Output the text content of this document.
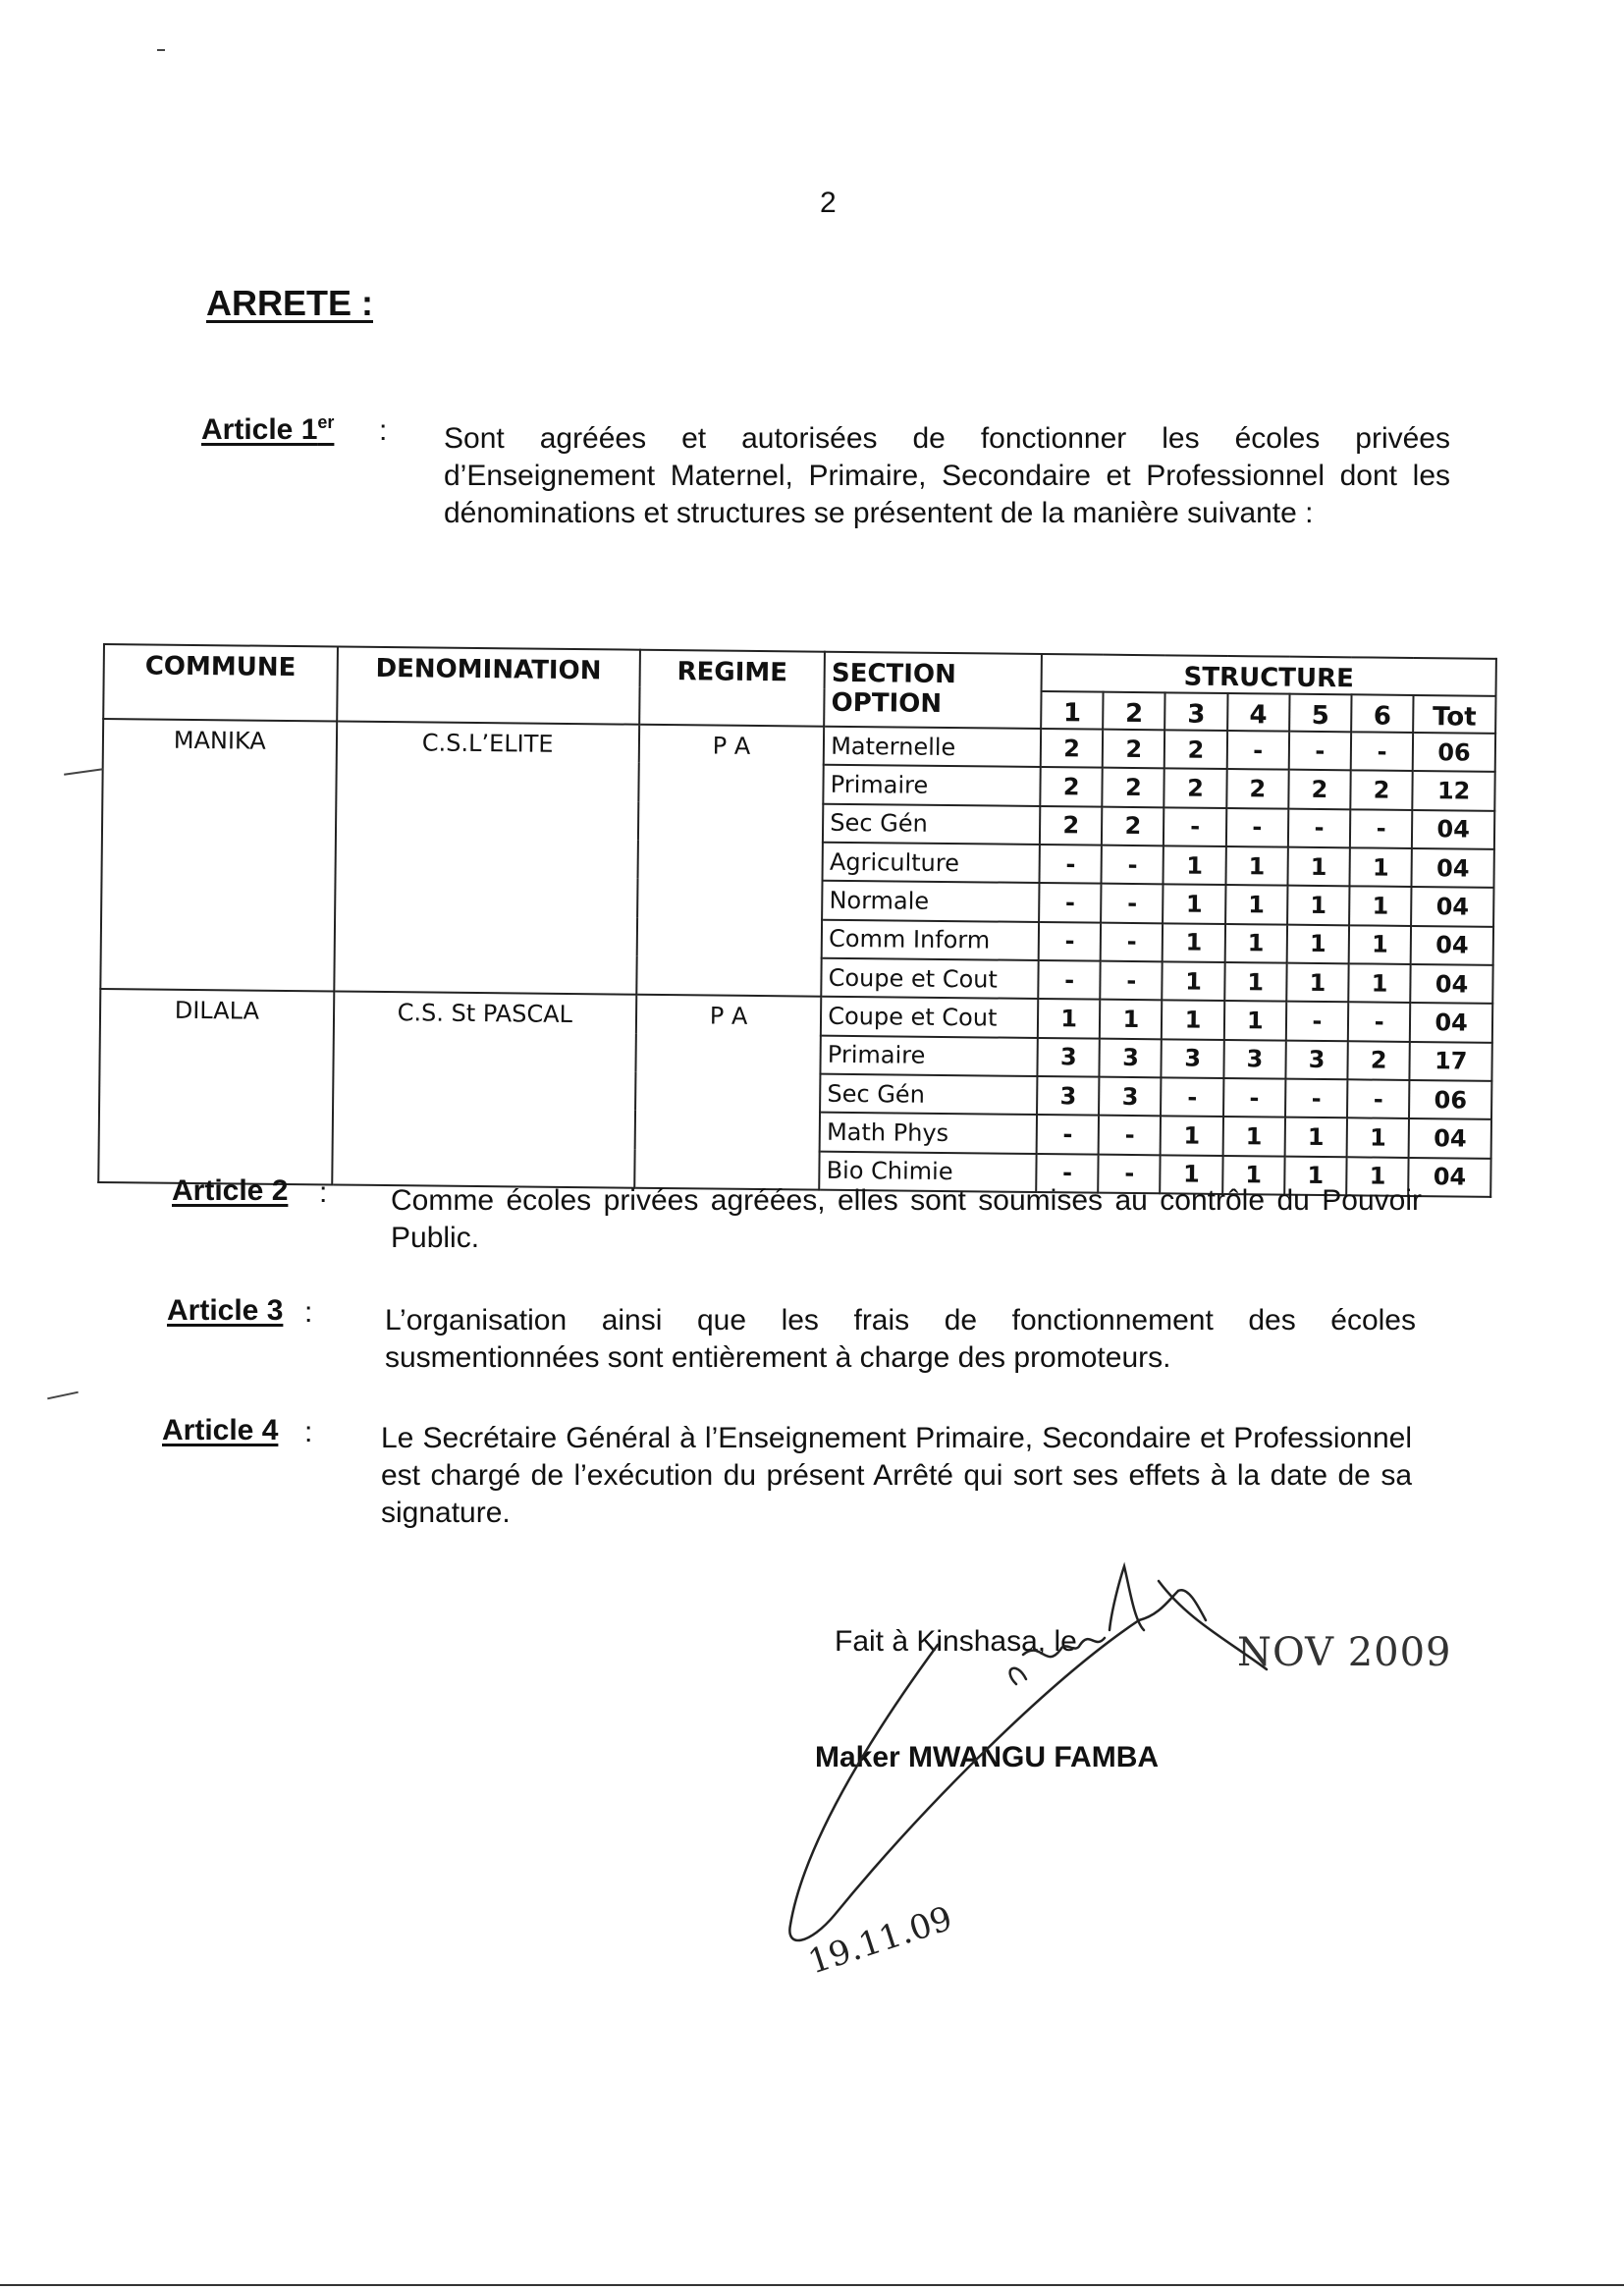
2
ARRETE :
Article 1er : Sont agréées et autorisées de fonctionner les écoles privées d’Enseignement Maternel, Primaire, Secondaire et Professionnel dont les dénominations et structures se présentent de la manière suivante :
COMMUNE	DENOMINATION	REGIME	SECTION
OPTION	STRUCTURE						
				1	2	3	4	5	6	Tot
MANIKA	C.S.L’ELITE	P A	Maternelle	2	2	2	-	-	-	06
			Primaire	2	2	2	2	2	2	12
			Sec Gén	2	2	-	-	-	-	04
			Agriculture	-	-	1	1	1	1	04
			Normale	-	-	1	1	1	1	04
			Comm Inform	-	-	1	1	1	1	04
			Coupe et Cout	-	-	1	1	1	1	04
DILALA	C.S. St PASCAL	P A	Coupe et Cout	1	1	1	1	-	-	04
			Primaire	3	3	3	3	3	2	17
			Sec Gén	3	3	-	-	-	-	06
			Math Phys	-	-	1	1	1	1	04
			Bio Chimie	-	-	1	1	1	1	04
Article 2 : Comme écoles privées agréées, elles sont soumises au contrôle du Pouvoir Public.
Article 3 : L’organisation ainsi que les frais de fonctionnement des écoles susmentionnées sont entièrement à charge des promoteurs.
Article 4 : Le Secrétaire Général à l’Enseignement Primaire, Secondaire et Professionnel est chargé de l’exécution du présent Arrêté qui sort ses effets à la date de sa signature.
Fait à Kinshasa, le	NOV 2009
Maker MWANGU FAMBA
19.11.09
